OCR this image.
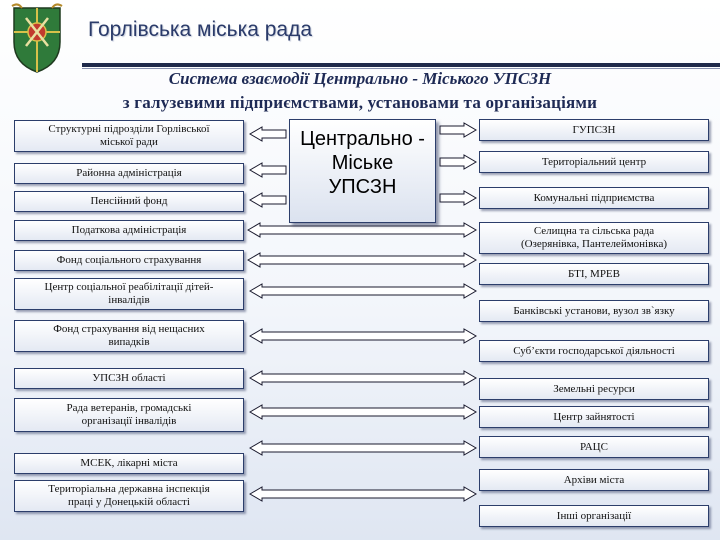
Горлівська міська рада
Система взаємодії Центрально - Міського УПСЗН
з галузевими підприємствами, установами та організаціями
Центрально -
Міське
УПСЗН
Структурні підрозділи Горлівської
міської ради
Районна адміністрація
Пенсійний фонд
Податкова адміністрація
Фонд соціального страхування
Центр соціальної реабілітації дітей-
інвалідів
Фонд страхування від нещасних
випадків
УПСЗН області
Рада ветеранів, громадські
організації інвалідів
МСЕК, лікарні міста
Територіальна державна інспекція
праці у Донецькій області
ГУПСЗН
Територіальний центр
Комунальні підприємства
Селищна та сільська рада
(Озерянівка, Пантелеймонівка)
БТІ, МРЕВ
Банківські установи, вузол зв`язку
Суб’єкти господарської діяльності
Земельні ресурси
Центр зайнятості
РАЦС
Архіви міста
Інші організації
